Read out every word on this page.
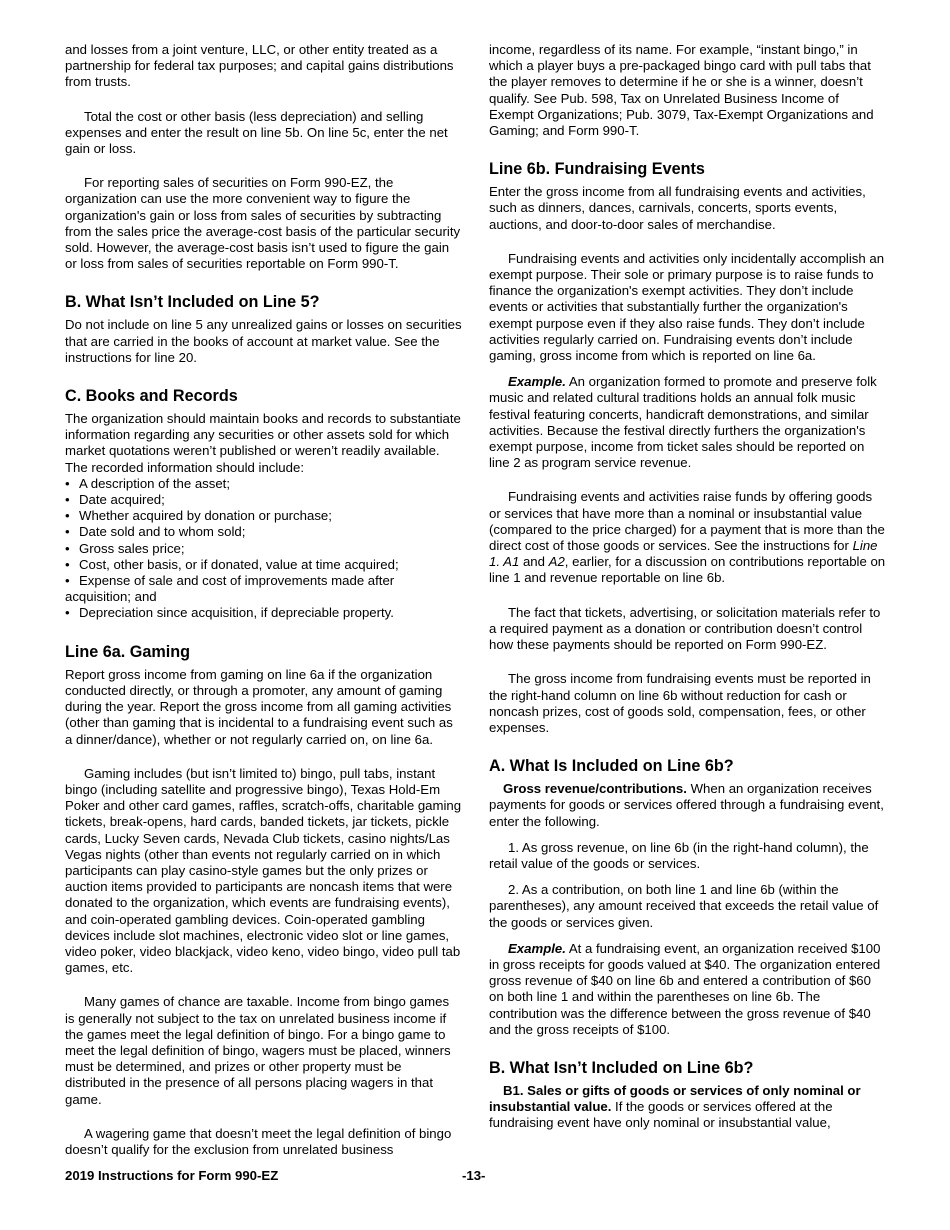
and losses from a joint venture, LLC, or other entity treated as a partnership for federal tax purposes; and capital gains distributions from trusts.

Total the cost or other basis (less depreciation) and selling expenses and enter the result on line 5b. On line 5c, enter the net gain or loss.

For reporting sales of securities on Form 990-EZ, the organization can use the more convenient way to figure the organization's gain or loss from sales of securities by subtracting from the sales price the average-cost basis of the particular security sold. However, the average-cost basis isn’t used to figure the gain or loss from sales of securities reportable on Form 990-T.

B. What Isn’t Included on Line 5?

Do not include on line 5 any unrealized gains or losses on securities that are carried in the books of account at market value. See the instructions for line 20.

C. Books and Records

The organization should maintain books and records to substantiate information regarding any securities or other assets sold for which market quotations weren’t published or weren’t readily available. The recorded information should include:

• A description of the asset;
• Date acquired;
• Whether acquired by donation or purchase;
• Date sold and to whom sold;
• Gross sales price;
• Cost, other basis, or if donated, value at time acquired;
• Expense of sale and cost of improvements made after acquisition; and
• Depreciation since acquisition, if depreciable property.
Line 6a. Gaming

Report gross income from gaming on line 6a if the organization conducted directly, or through a promoter, any amount of gaming during the year. Report the gross income from all gaming activities (other than gaming that is incidental to a fundraising event such as a dinner/dance), whether or not regularly carried on, on line 6a.

Gaming includes (but isn’t limited to) bingo, pull tabs, instant bingo (including satellite and progressive bingo), Texas Hold-Em Poker and other card games, raffles, scratch-offs, charitable gaming tickets, break-opens, hard cards, banded tickets, jar tickets, pickle cards, Lucky Seven cards, Nevada Club tickets, casino nights/Las Vegas nights (other than events not regularly carried on in which participants can play casino-style games but the only prizes or auction items provided to participants are noncash items that were donated to the organization, which events are fundraising events), and coin-operated gambling devices. Coin-operated gambling devices include slot machines, electronic video slot or line games, video poker, video blackjack, video keno, video bingo, video pull tab games, etc.

Many games of chance are taxable. Income from bingo games is generally not subject to the tax on unrelated business income if the games meet the legal definition of bingo. For a bingo game to meet the legal definition of bingo, wagers must be placed, winners must be determined, and prizes or other property must be distributed in the presence of all persons placing wagers in that game.

A wagering game that doesn’t meet the legal definition of bingo doesn’t qualify for the exclusion from unrelated business

income, regardless of its name. For example, “instant bingo,” in which a player buys a pre-packaged bingo card with pull tabs that the player removes to determine if he or she is a winner, doesn’t qualify. See Pub. 598, Tax on Unrelated Business Income of Exempt Organizations; Pub. 3079, Tax-Exempt Organizations and Gaming; and Form 990-T.

Line 6b. Fundraising Events

Enter the gross income from all fundraising events and activities, such as dinners, dances, carnivals, concerts, sports events, auctions, and door-to-door sales of merchandise.

Fundraising events and activities only incidentally accomplish an exempt purpose. Their sole or primary purpose is to raise funds to finance the organization's exempt activities. They don’t include events or activities that substantially further the organization's exempt purpose even if they also raise funds. They don’t include activities regularly carried on. Fundraising events don’t include gaming, gross income from which is reported on line 6a.

Example. An organization formed to promote and preserve folk music and related cultural traditions holds an annual folk music festival featuring concerts, handicraft demonstrations, and similar activities. Because the festival directly furthers the organization's exempt purpose, income from ticket sales should be reported on line 2 as program service revenue.

Fundraising events and activities raise funds by offering goods or services that have more than a nominal or insubstantial value (compared to the price charged) for a payment that is more than the direct cost of those goods or services. See the instructions for Line 1. A1 and A2, earlier, for a discussion on contributions reportable on line 1 and revenue reportable on line 6b.

The fact that tickets, advertising, or solicitation materials refer to a required payment as a donation or contribution doesn’t control how these payments should be reported on Form 990-EZ.

The gross income from fundraising events must be reported in the right-hand column on line 6b without reduction for cash or noncash prizes, cost of goods sold, compensation, fees, or other expenses.

A. What Is Included on Line 6b?

Gross revenue/contributions. When an organization receives payments for goods or services offered through a fundraising event, enter the following.

1. As gross revenue, on line 6b (in the right-hand column), the retail value of the goods or services.

2. As a contribution, on both line 1 and line 6b (within the parentheses), any amount received that exceeds the retail value of the goods or services given.

Example. At a fundraising event, an organization received $100 in gross receipts for goods valued at $40. The organization entered gross revenue of $40 on line 6b and entered a contribution of $60 on both line 1 and within the parentheses on line 6b. The contribution was the difference between the gross revenue of $40 and the gross receipts of $100.

B. What Isn’t Included on Line 6b?

B1. Sales or gifts of goods or services of only nominal or insubstantial value. If the goods or services offered at the fundraising event have only nominal or insubstantial value,

2019 Instructions for Form 990-EZ	-13-
